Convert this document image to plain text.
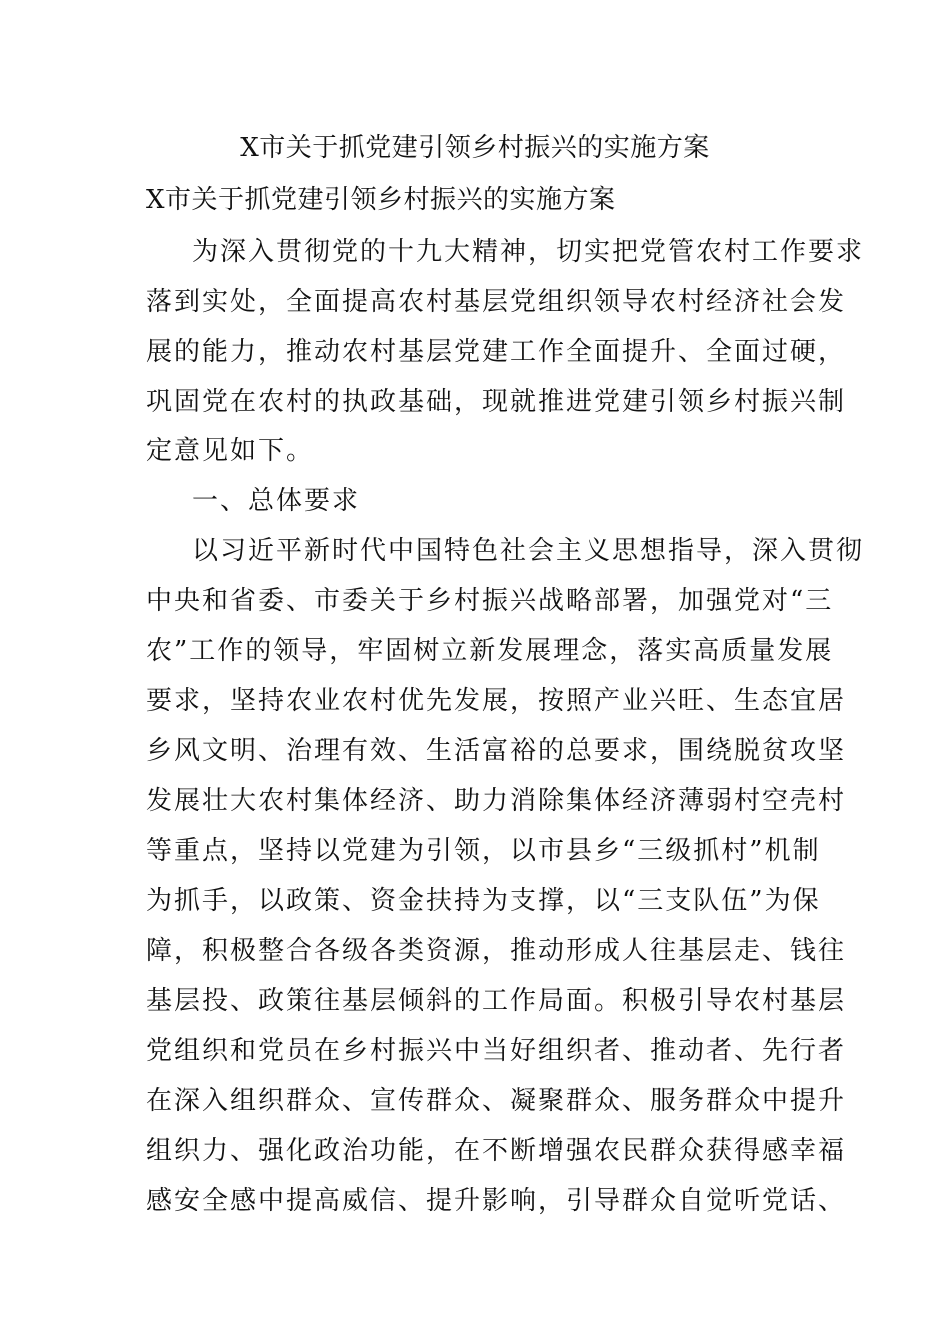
X市关于抓党建引领乡村振兴的实施方案
X市关于抓党建引领乡村振兴的实施方案
为深入贯彻党的十九大精神，切实把党管农村工作要求
落到实处，全面提高农村基层党组织领导农村经济社会发
展的能力，推动农村基层党建工作全面提升、全面过硬，
巩固党在农村的执政基础，现就推进党建引领乡村振兴制
定意见如下。
一、总体要求
以习近平新时代中国特色社会主义思想指导，深入贯彻
中央和省委、市委关于乡村振兴战略部署，加强党对“三
农”工作的领导，牢固树立新发展理念，落实高质量发展
要求，坚持农业农村优先发展，按照产业兴旺、生态宜居
乡风文明、治理有效、生活富裕的总要求，围绕脱贫攻坚
发展壮大农村集体经济、助力消除集体经济薄弱村空壳村
等重点，坚持以党建为引领，以市县乡“三级抓村”机制
为抓手，以政策、资金扶持为支撑，以“三支队伍”为保
障，积极整合各级各类资源，推动形成人往基层走、钱往
基层投、政策往基层倾斜的工作局面。积极引导农村基层
党组织和党员在乡村振兴中当好组织者、推动者、先行者
在深入组织群众、宣传群众、凝聚群众、服务群众中提升
组织力、强化政治功能，在不断增强农民群众获得感幸福
感安全感中提高威信、提升影响，引导群众自觉听党话、
